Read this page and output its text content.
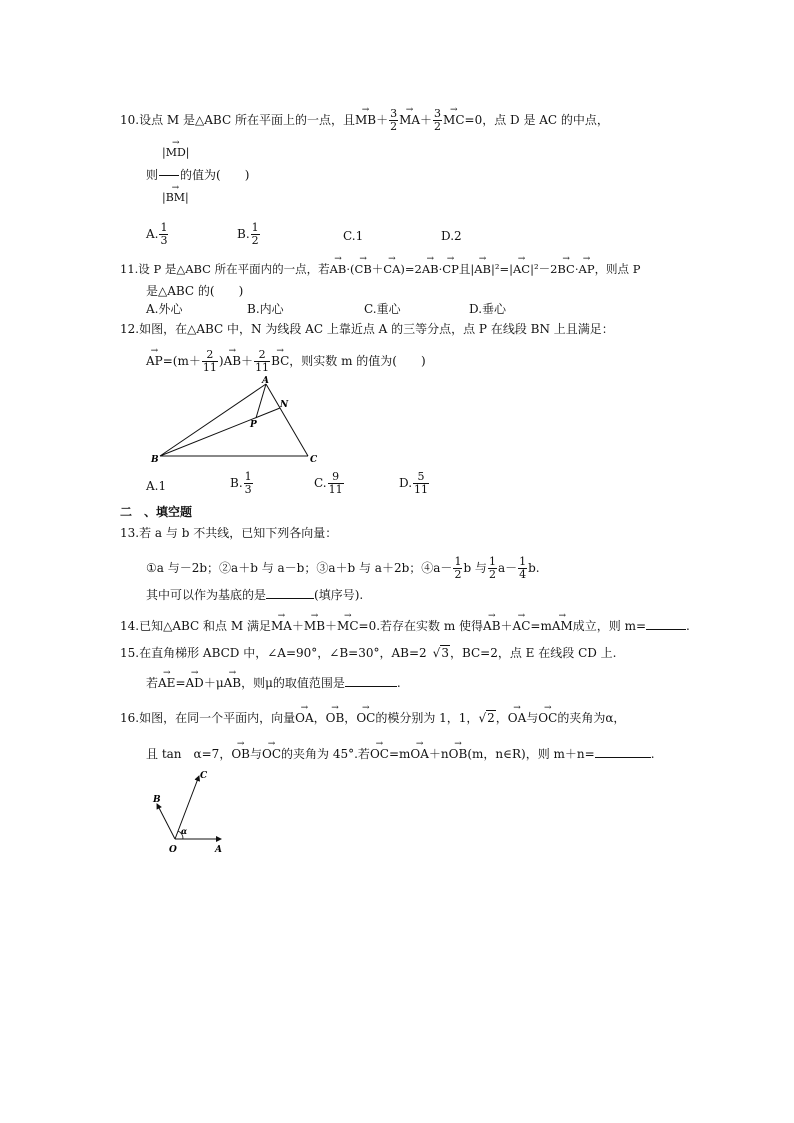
10.设点 M 是△ABC 所在平面上的一点，且→ $MB+ \frac{3}{2}$
→ $MA+ \frac{3}{2}$
→ MC=0，点 D 是 AC 的中点，
→ |MD|
则 的值为(　　)
→ |BM|
A. $\frac{1}{3}$	B. $\frac{1}{2}$	C.1	D.2
11.设 P 是△ABC 所在平面内的一点，若→ AB·(→ CB＋→ CA)=2→ AB·→ CP且|→ AB|²=|→ AC|²－2→ BC·→ AP，则点 P
是△ABC 的(　　)
A.外心	B.内心	C.重心	D.垂心
12.如图，在△ABC 中，N 为线段 AC 上靠近点 A 的三等分点，点 P 在线段 BN 上且满足：
→ $AP=(m+ \frac{2}{11}$ )→ $AB+ \frac{2}{11}$
→ BC，则实数 m 的值为(　　)
A
B	C
N
P
A.1	B. $\frac{1}{3}$	C. $\frac{9}{11}$	D. $\frac{5}{11}$
二　、填空题
13.若 a 与 b 不共线，已知下列各向量：
①a 与－2b；②a＋b 与 a－b；③a＋b 与 a＋2b；④a－ $\frac{1}{2}$ b 与 $\frac{1}{2} a- \frac{1}{4} b$.
其中可以作为基底的是	(填序号).
14.已知△ABC 和点 M 满足→ MA＋→ MB＋→ MC=0.若存在实数 m 使得→ AB＋→ AC=m→ AM成立，则 m=	.
15.在直角梯形 ABCD 中，∠A=90°，∠B=30°，AB=2 √3，BC=2，点 E 在线段 CD 上.
若→ AE=→ AD＋μ→ AB，则μ的取值范围是	.
16.如图，在同一个平面内，向量→ OA，→ OB，→ OC的模分别为 1，1，√2，→ OA与→ OC的夹角为α，
且 tan　α=7，→ OB与→ OC的夹角为 45°.若→ OC=m→ OA＋n→ OB(m，n∈R)，则 m＋n=	.
O	A
B
C
α
